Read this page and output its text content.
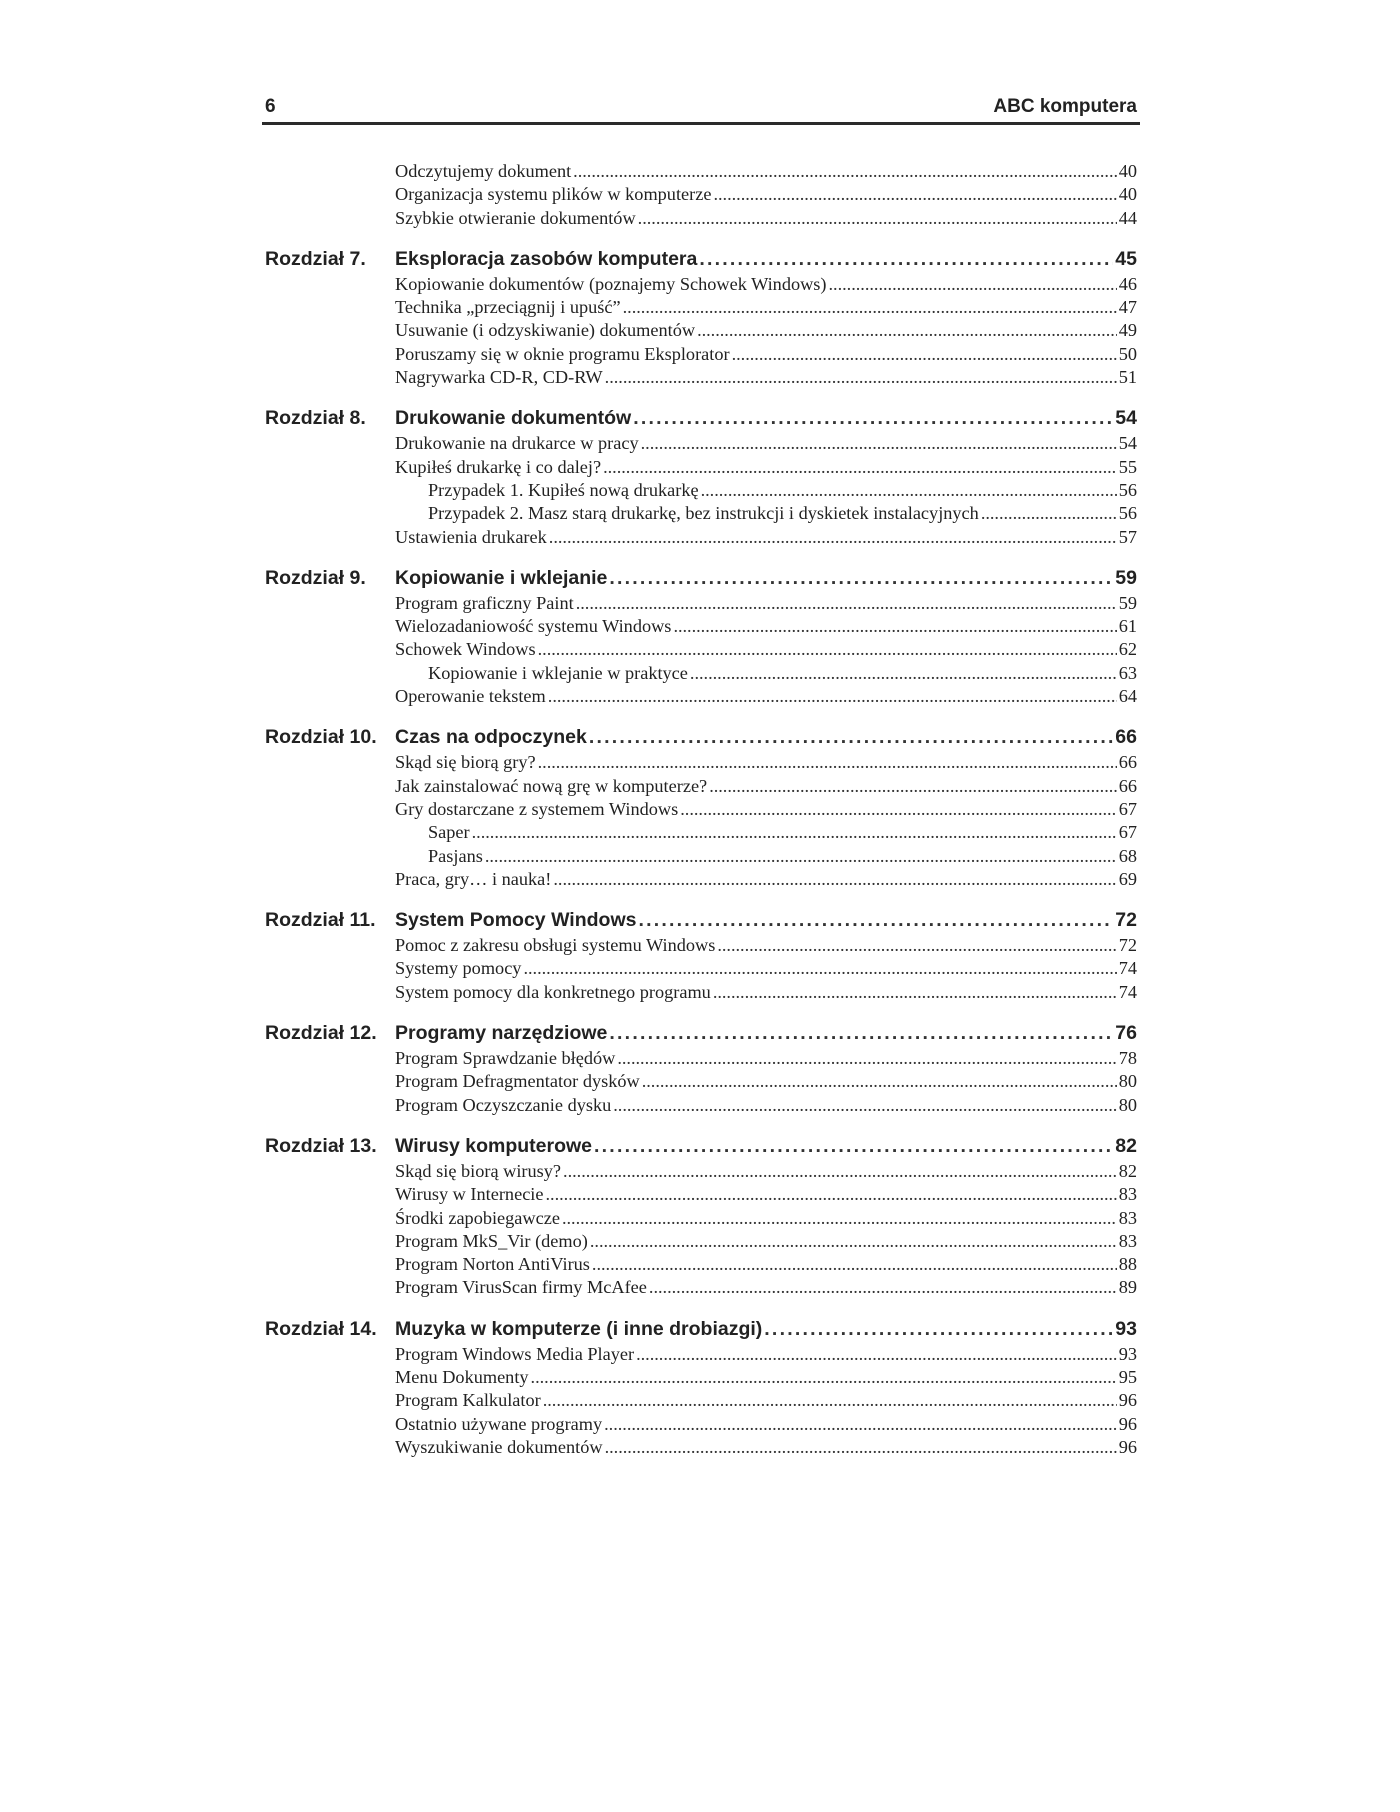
6	ABC komputera
Odczytujemy dokument . . .	40
Organizacja systemu plików w komputerze . . .	40
Szybkie otwieranie dokumentów . . .	44
Rozdział 7. Eksploracja zasobów komputera . . .	45
Kopiowanie dokumentów (poznajemy Schowek Windows) . . .	46
Technika „przeciągnij i upuść” . . .	47
Usuwanie (i odzyskiwanie) dokumentów . . .	49
Poruszamy się w oknie programu Eksplorator . . .	50
Nagrywarka CD-R, CD-RW . . .	51
Rozdział 8. Drukowanie dokumentów . . .	54
Drukowanie na drukarce w pracy . . .	54
Kupiłeś drukarkę i co dalej? . . .	55
Przypadek 1. Kupiłeś nową drukarkę . . .	56
Przypadek 2. Masz starą drukarkę, bez instrukcji i dyskietek instalacyjnych . . .	56
Ustawienia drukarek . . .	57
Rozdział 9. Kopiowanie i wklejanie . . .	59
Program graficzny Paint . . .	59
Wielozadaniowość systemu Windows . . .	61
Schowek Windows . . .	62
Kopiowanie i wklejanie w praktyce . . .	63
Operowanie tekstem . . .	64
Rozdział 10. Czas na odpoczynek . . .	66
Skąd się biorą gry? . . .	66
Jak zainstalować nową grę w komputerze? . . .	66
Gry dostarczane z systemem Windows . . .	67
Saper . . .	67
Pasjans . . .	68
Praca, gry… i nauka! . . .	69
Rozdział 11. System Pomocy Windows . . .	72
Pomoc z zakresu obsługi systemu Windows . . .	72
Systemy pomocy . . .	74
System pomocy dla konkretnego programu . . .	74
Rozdział 12. Programy narzędziowe . . .	76
Program Sprawdzanie błędów . . .	78
Program Defragmentator dysków . . .	80
Program Oczyszczanie dysku . . .	80
Rozdział 13. Wirusy komputerowe . . .	82
Skąd się biorą wirusy? . . .	82
Wirusy w Internecie . . .	83
Środki zapobiegawcze . . .	83
Program MkS_Vir (demo) . . .	83
Program Norton AntiVirus . . .	88
Program VirusScan firmy McAfee . . .	89
Rozdział 14. Muzyka w komputerze (i inne drobiazgi) . . .	93
Program Windows Media Player . . .	93
Menu Dokumenty . . .	95
Program Kalkulator . . .	96
Ostatnio używane programy . . .	96
Wyszukiwanie dokumentów . . .	96
